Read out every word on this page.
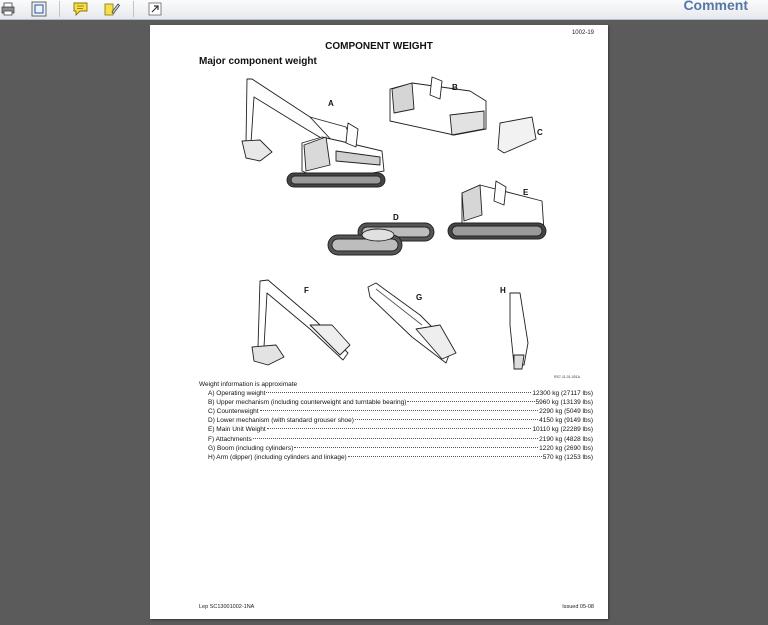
Comment
1002-19
COMPONENT WEIGHT
Major component weight
A
B
C
D
E
F
G
H
RS7-11-01-001A
Weight information is approximate
A) Operating weight	12300 kg (27117 lbs)
B) Upper mechanism (including counterweight and turntable bearing)	5960 kg (13139 lbs)
C) Counterweight	2290 kg (5049 lbs)
D) Lower mechanism (with standard grouser shoe)	4150 kg (9149 lbs)
E) Main Unit Weight	10110 kg (22289 lbs)
F) Attachments	2190 kg (4828 lbs)
G) Boom (including cylinders)	1220 kg (2690 lbs)
H) Arm (dipper) (including cylinders and linkage)	570 kg (1253 lbs)
Lep SC13001002-1NA	Issued 05-08
